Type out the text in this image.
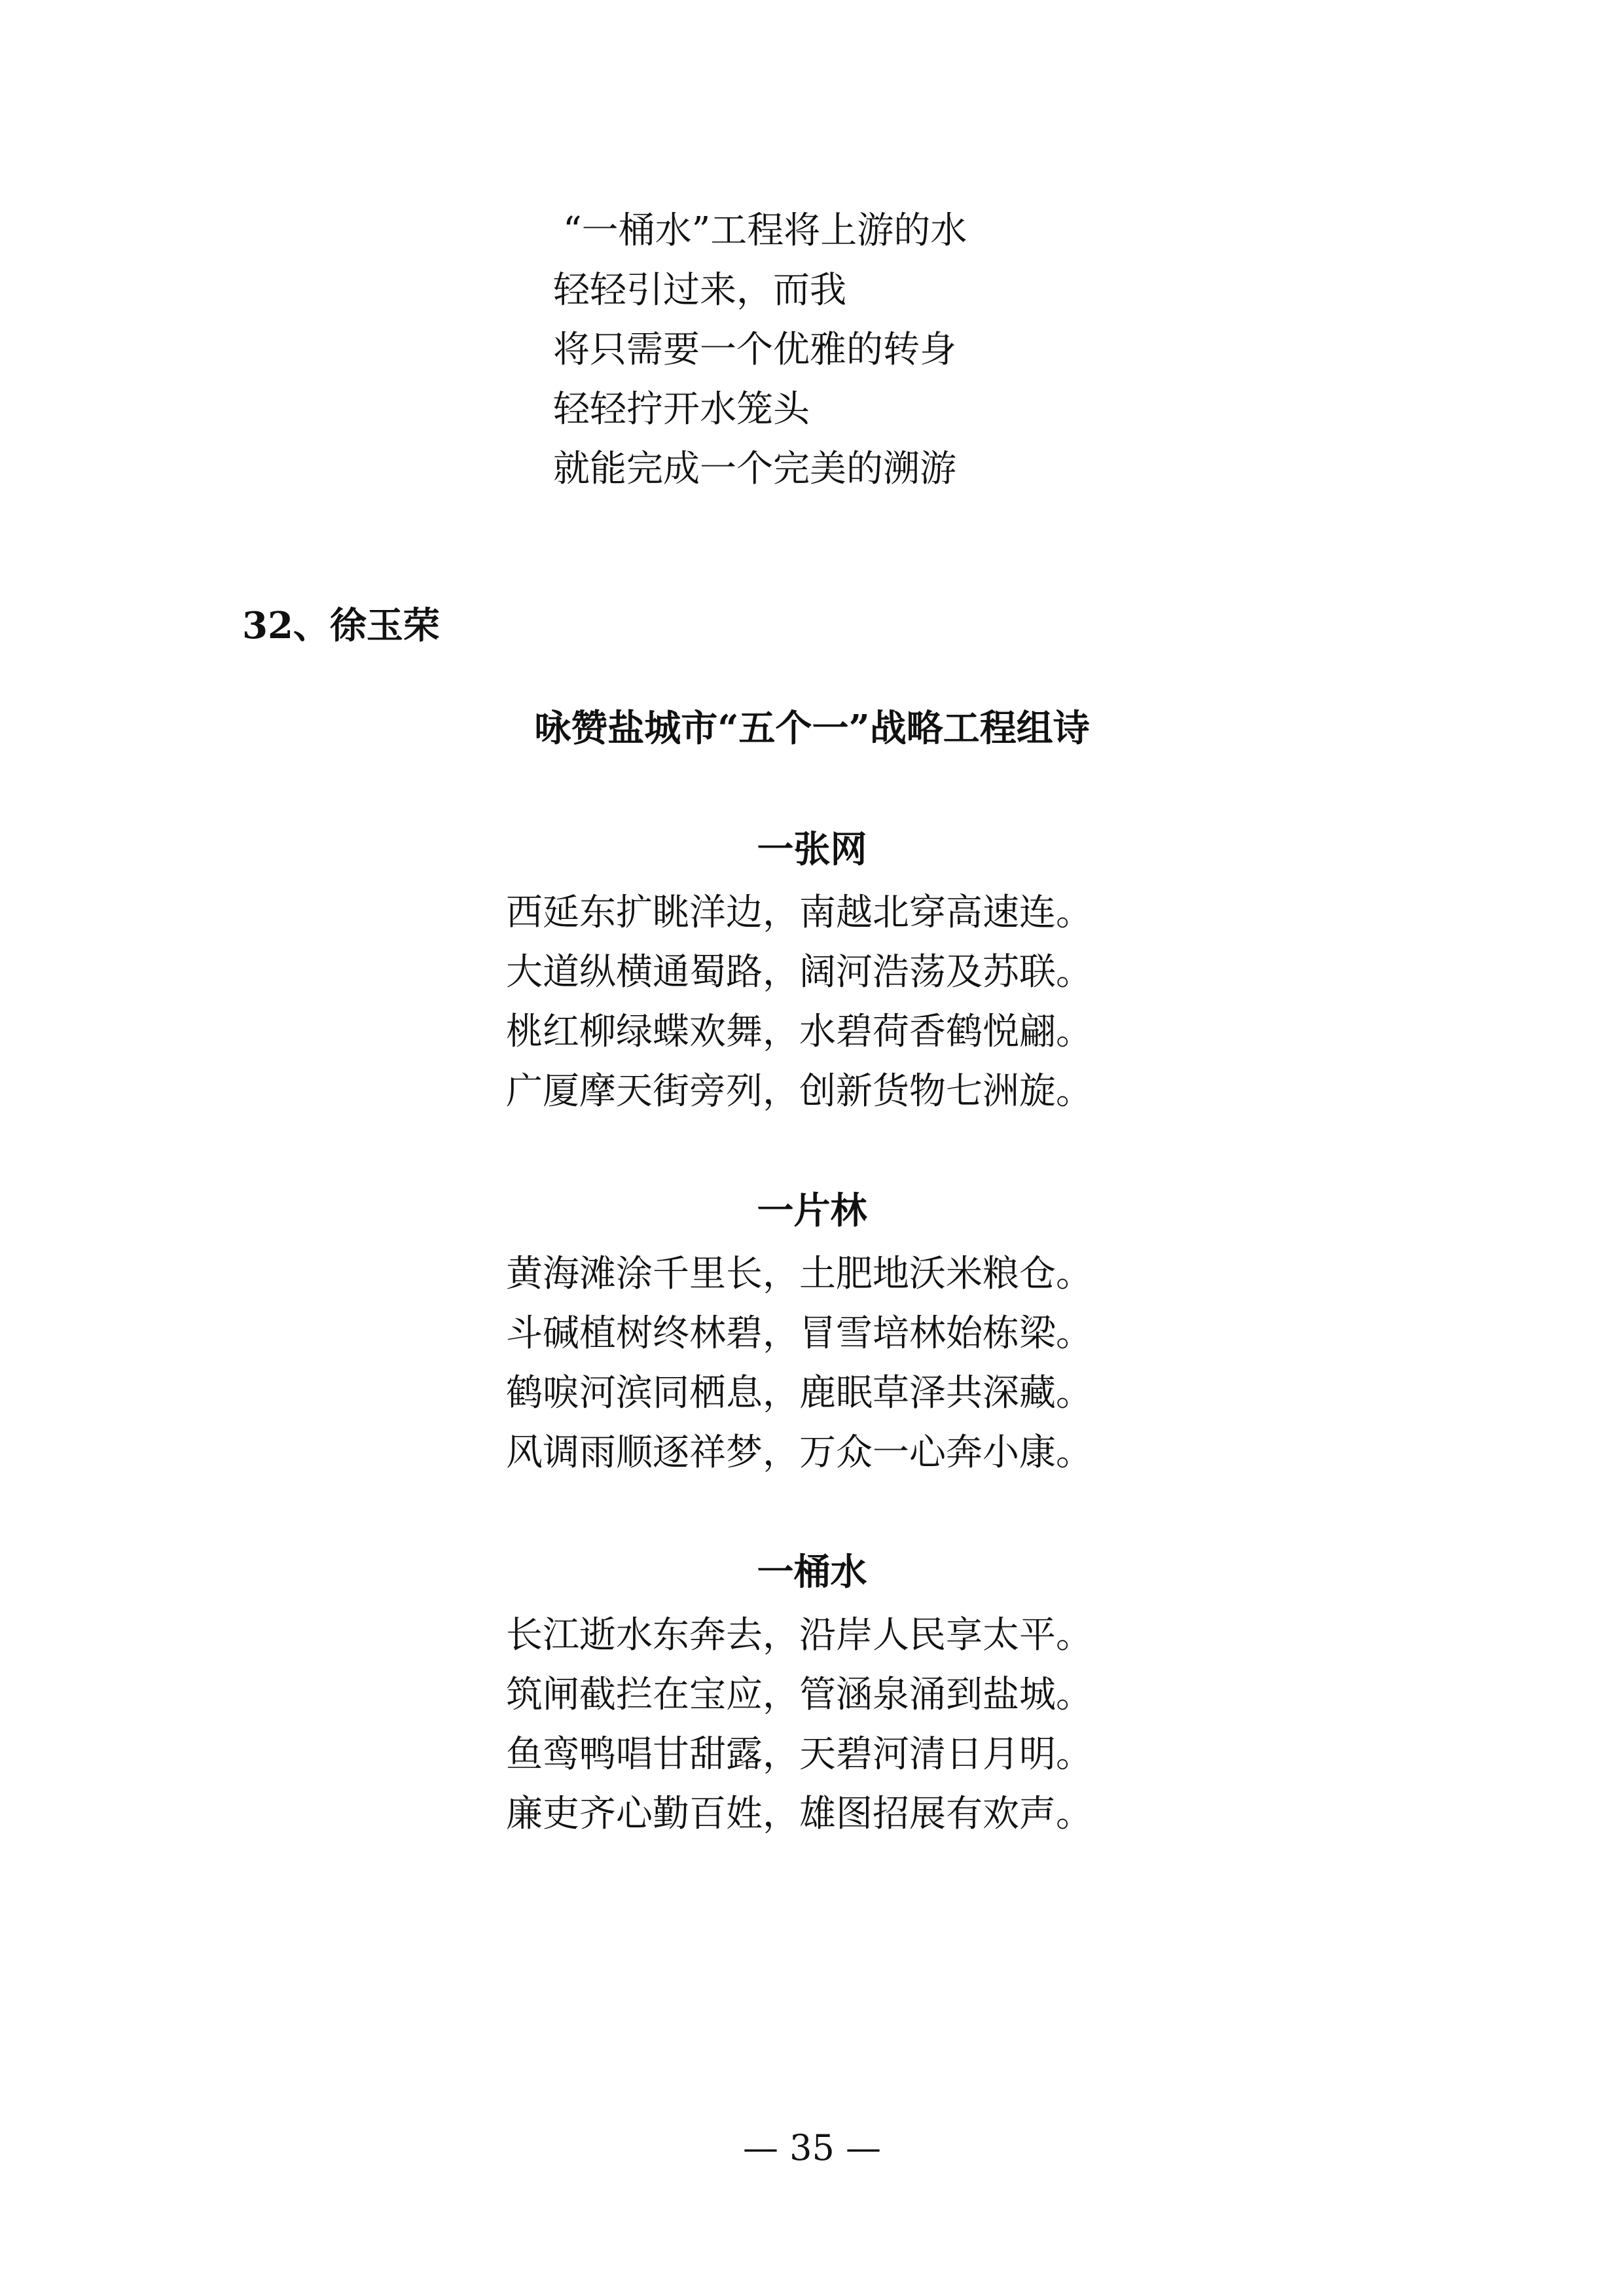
“一桶水”工程将上游的水
轻轻引过来，而我
将只需要一个优雅的转身
轻轻拧开水笼头
就能完成一个完美的溯游
32、徐玉荣
咏赞盐城市“五个一”战略工程组诗
一张网
西延东扩眺洋边，南越北穿高速连。
大道纵横通蜀路，阔河浩荡及苏联。
桃红柳绿蝶欢舞，水碧荷香鹤悦翩。
广厦摩天街旁列，创新货物七洲旋。
一片林
黄海滩涂千里长，土肥地沃米粮仓。
斗碱植树终林碧，冒雪培林始栋梁。
鹤唳河滨同栖息，鹿眠草泽共深藏。
风调雨顺逐祥梦，万众一心奔小康。
一桶水
长江逝水东奔去，沿岸人民享太平。
筑闸截拦在宝应，管涵泉涌到盐城。
鱼鸾鸭唱甘甜露，天碧河清日月明。
廉吏齐心勤百姓，雄图招展有欢声。
— 35 —
